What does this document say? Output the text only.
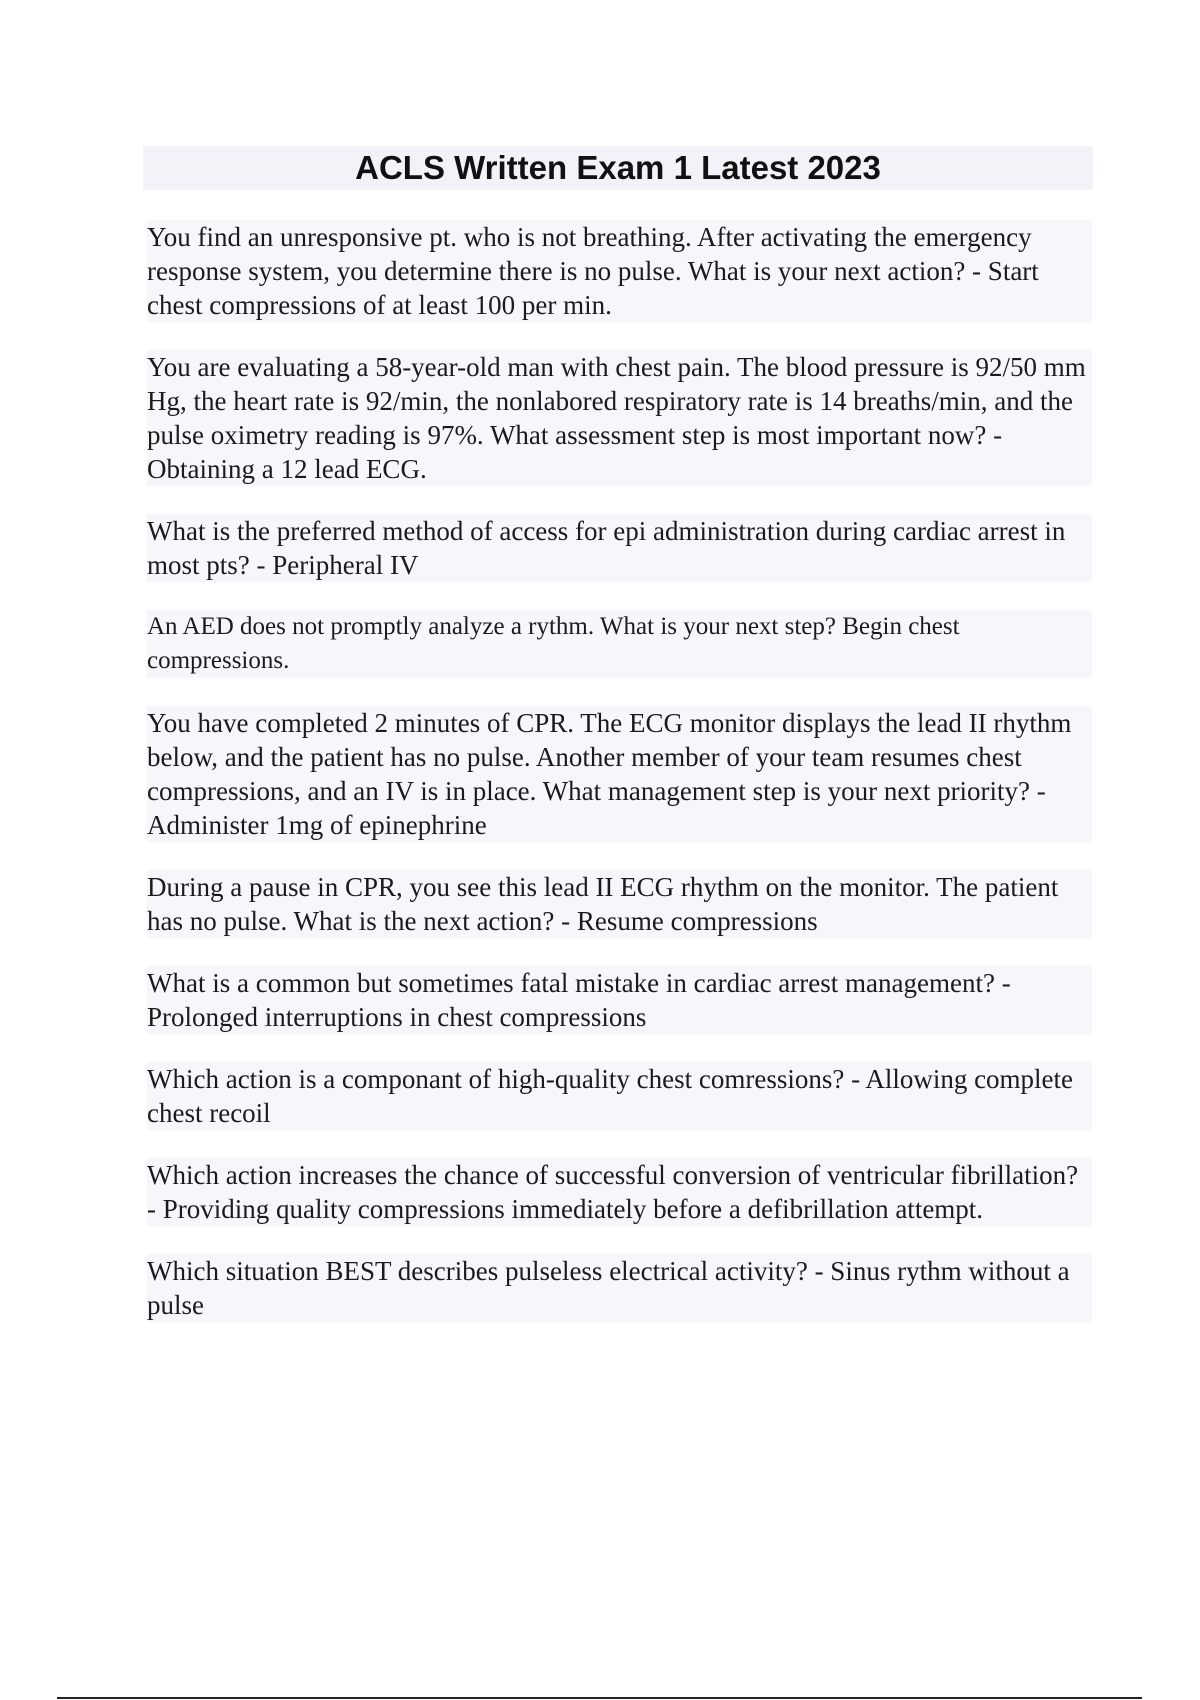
ACLS Written Exam 1 Latest 2023

You find an unresponsive pt. who is not breathing. After activating the emergency response system, you determine there is no pulse. What is your next action? - Start chest compressions of at least 100 per min.

You are evaluating a 58-year-old man with chest pain. The blood pressure is 92/50 mm Hg, the heart rate is 92/min, the nonlabored respiratory rate is 14 breaths/min, and the pulse oximetry reading is 97%. What assessment step is most important now? - Obtaining a 12 lead ECG.

What is the preferred method of access for epi administration during cardiac arrest in most pts? - Peripheral IV

An AED does not promptly analyze a rythm. What is your next step? Begin chest compressions.

You have completed 2 minutes of CPR. The ECG monitor displays the lead II rhythm below, and the patient has no pulse. Another member of your team resumes chest compressions, and an IV is in place. What management step is your next priority? - Administer 1mg of epinephrine

During a pause in CPR, you see this lead II ECG rhythm on the monitor. The patient has no pulse. What is the next action? - Resume compressions

What is a common but sometimes fatal mistake in cardiac arrest management? - Prolonged interruptions in chest compressions

Which action is a componant of high-quality chest comressions? - Allowing complete chest recoil

Which action increases the chance of successful conversion of ventricular fibrillation? - Providing quality compressions immediately before a defibrillation attempt.

Which situation BEST describes pulseless electrical activity? - Sinus rythm without a pulse
